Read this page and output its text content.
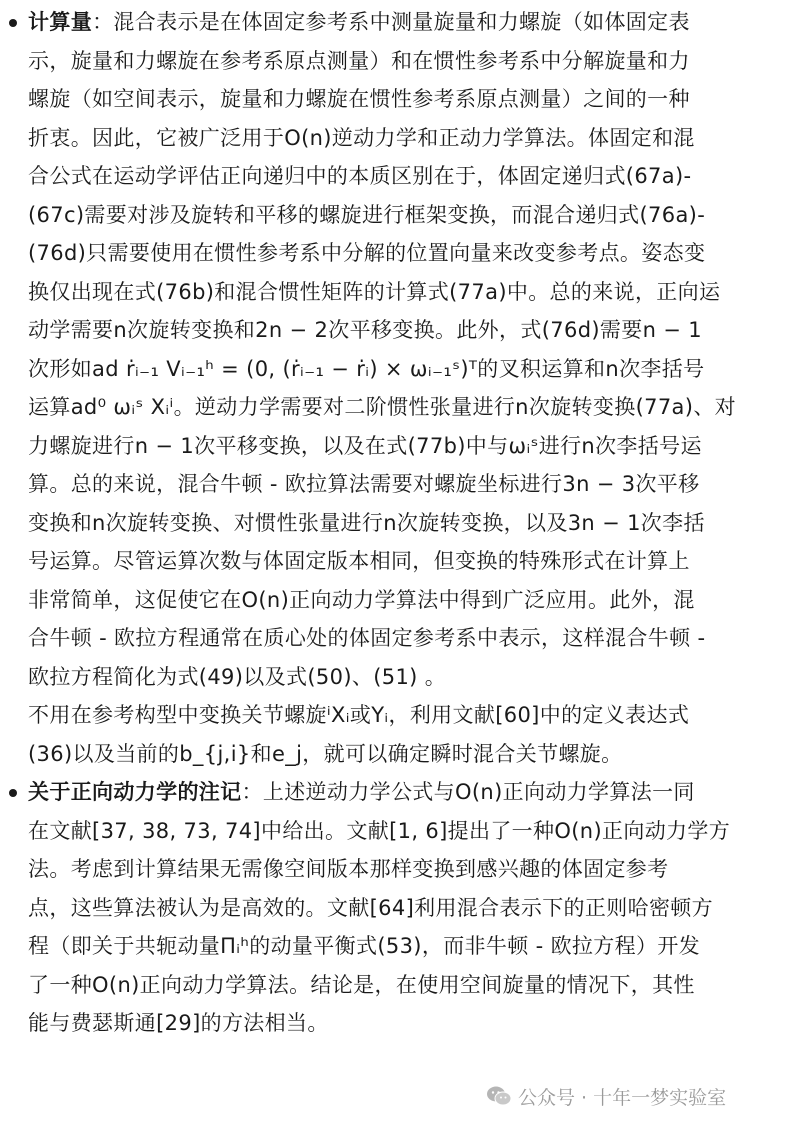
计算量：混合表示是在体固定参考系中测量旋量和力螺旋（如体固定表
示，旋量和力螺旋在参考系原点测量）和在惯性参考系中分解旋量和力
螺旋（如空间表示，旋量和力螺旋在惯性参考系原点测量）之间的一种
折衷。因此，它被广泛用于O(n)逆动力学和正动力学算法。体固定和混
合公式在运动学评估正向递归中的本质区别在于，体固定递归式(67a)-
(67c)需要对涉及旋转和平移的螺旋进行框架变换，而混合递归式(76a)-
(76d)只需要使用在惯性参考系中分解的位置向量来改变参考点。姿态变
换仅出现在式(76b)和混合惯性矩阵的计算式(77a)中。总的来说，正向运
动学需要n次旋转变换和2n − 2次平移变换。此外，式(76d)需要n − 1
次形如ad ṙᵢ₋₁ Vᵢ₋₁ʰ = (0, (ṙᵢ₋₁ − ṙᵢ) × ωᵢ₋₁ˢ)ᵀ的叉积运算和n次李括号
运算ad⁰ ωᵢˢ Xᵢⁱ。逆动力学需要对二阶惯性张量进行n次旋转变换(77a)、对
力螺旋进行n − 1次平移变换，以及在式(77b)中与ωᵢˢ进行n次李括号运
算。总的来说，混合牛顿 - 欧拉算法需要对螺旋坐标进行3n − 3次平移
变换和n次旋转变换、对惯性张量进行n次旋转变换，以及3n − 1次李括
号运算。尽管运算次数与体固定版本相同，但变换的特殊形式在计算上
非常简单，这促使它在O(n)正向动力学算法中得到广泛应用。此外，混
合牛顿 - 欧拉方程通常在质心处的体固定参考系中表示，这样混合牛顿 -
欧拉方程简化为式(49)以及式(50)、(51) 。
不用在参考构型中变换关节螺旋ⁱXᵢ或Yᵢ，利用文献[60]中的定义表达式
(36)以及当前的b_{j,i}和e_j，就可以确定瞬时混合关节螺旋。
关于正向动力学的注记：上述逆动力学公式与O(n)正向动力学算法一同
在文献[37, 38, 73, 74]中给出。文献[1, 6]提出了一种O(n)正向动力学方
法。考虑到计算结果无需像空间版本那样变换到感兴趣的体固定参考
点，这些算法被认为是高效的。文献[64]利用混合表示下的正则哈密顿方
程（即关于共轭动量Πᵢʰ的动量平衡式(53)，而非牛顿 - 欧拉方程）开发
了一种O(n)正向动力学算法。结论是，在使用空间旋量的情况下，其性
能与费瑟斯通[29]的方法相当。
公众号 · 十年一梦实验室
